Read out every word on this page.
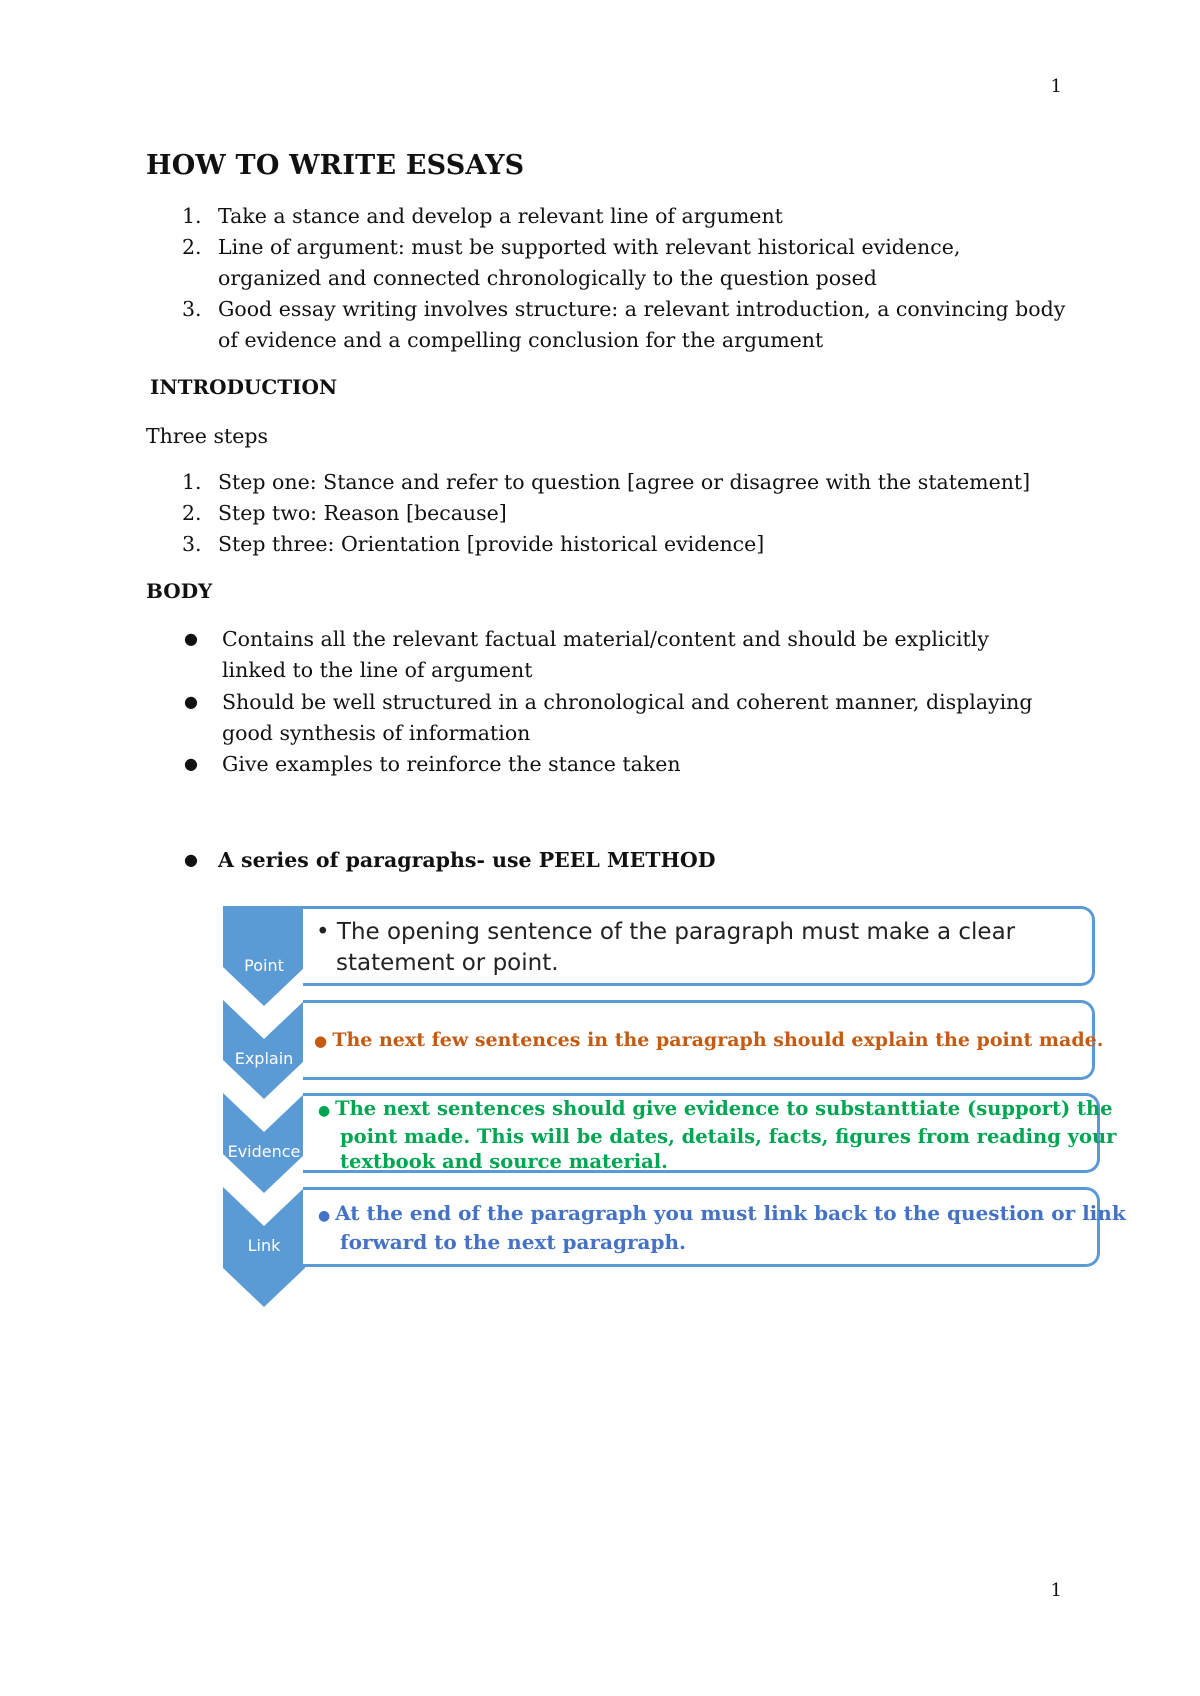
1
1
HOW TO WRITE ESSAYS
1. Take a stance and develop a relevant line of argument
2. Line of argument: must be supported with relevant historical evidence,
organized and connected chronologically to the question posed
3. Good essay writing involves structure: a relevant introduction, a convincing body
of evidence and a compelling conclusion for the argument
INTRODUCTION
Three steps
1. Step one: Stance and refer to question [agree or disagree with the statement]
2. Step two: Reason [because]
3. Step three: Orientation [provide historical evidence]
BODY
● Contains all the relevant factual material/content and should be explicitly
linked to the line of argument
● Should be well structured in a chronological and coherent manner, displaying
good synthesis of information
● Give examples to reinforce the stance taken
● A series of paragraphs- use PEEL METHOD
Point
Explain
Evidence
Link
• The opening sentence of the paragraph must make a clear
statement or point.
● The next few sentences in the paragraph should explain the point made.
● The next sentences should give evidence to substanttiate (support) the
point made. This will be dates, details, facts, figures from reading your
textbook and source material.
● At the end of the paragraph you must link back to the question or link
forward to the next paragraph.
